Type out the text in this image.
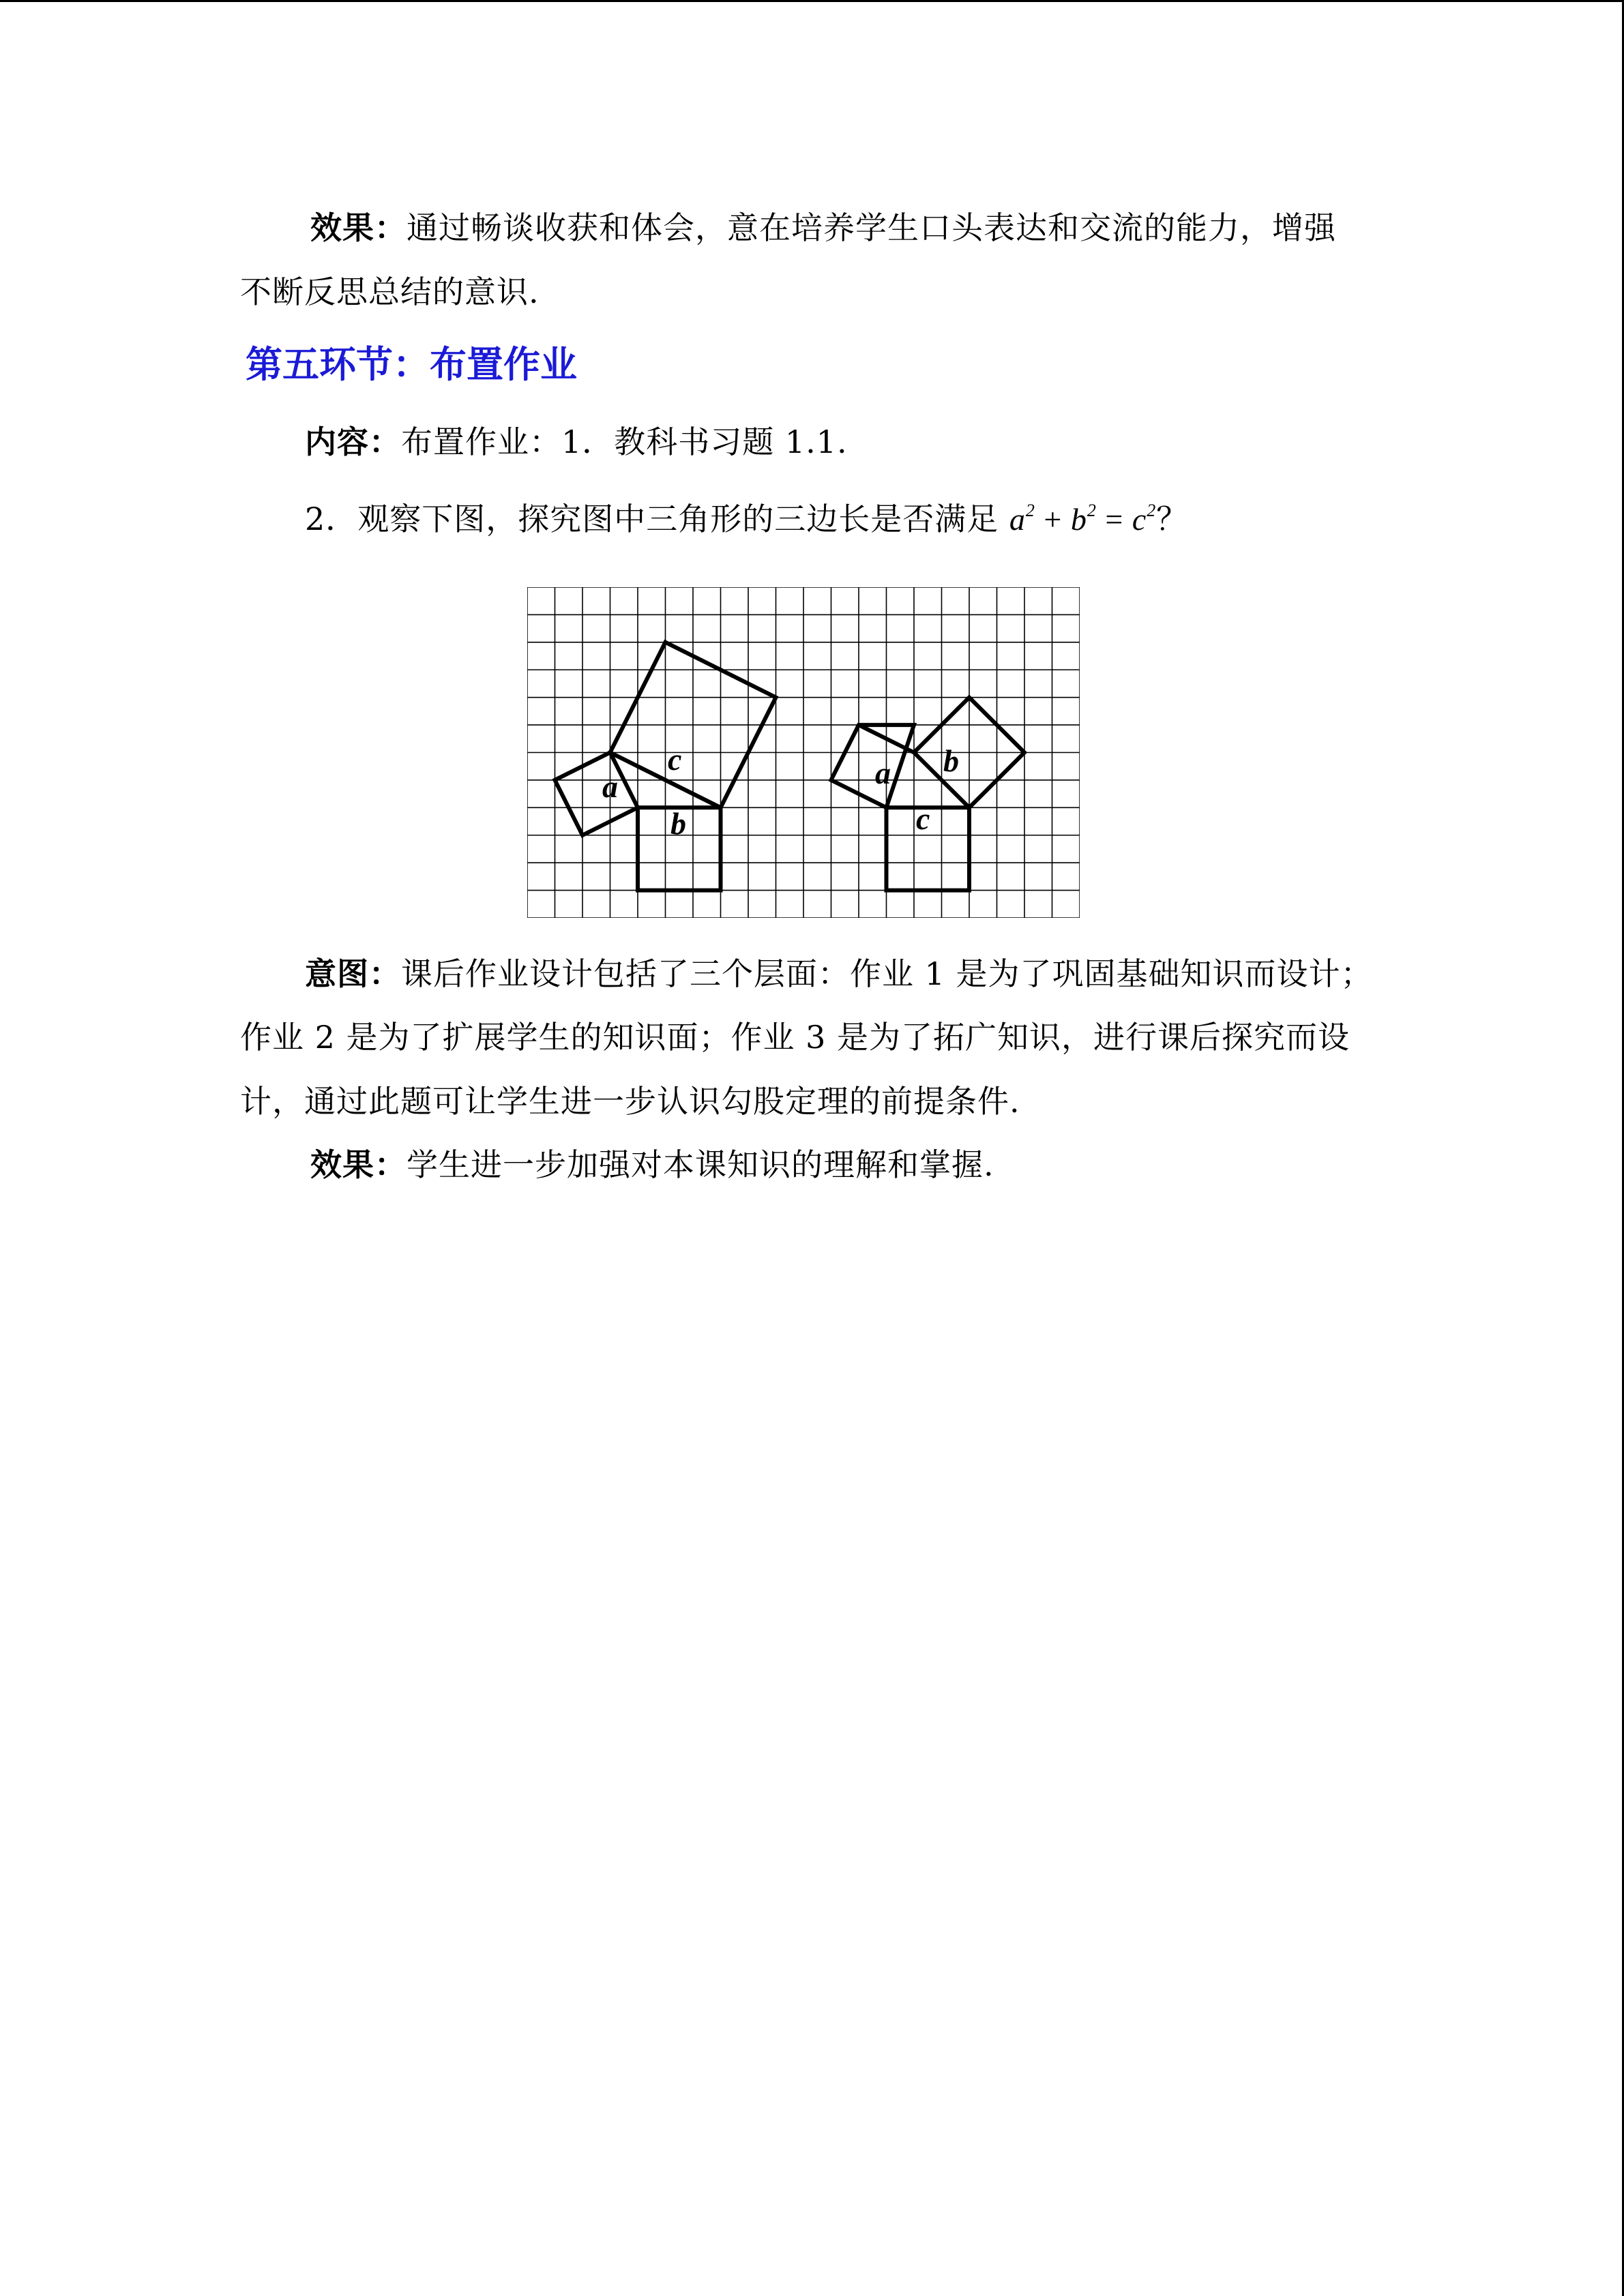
效果：通过畅谈收获和体会，意在培养学生口头表达和交流的能力，增强
不断反思总结的意识.
第五环节：布置作业
内容：布置作业：1．教科书习题 1.1.
2．观察下图，探究图中三角形的三边长是否满足 $a^2 + b^2 = c^2$？
a
c
b
a b
c
意图：课后作业设计包括了三个层面：作业 1 是为了巩固基础知识而设计；
作业 2 是为了扩展学生的知识面；作业 3 是为了拓广知识，进行课后探究而设
计，通过此题可让学生进一步认识勾股定理的前提条件.
效果：学生进一步加强对本课知识的理解和掌握.
